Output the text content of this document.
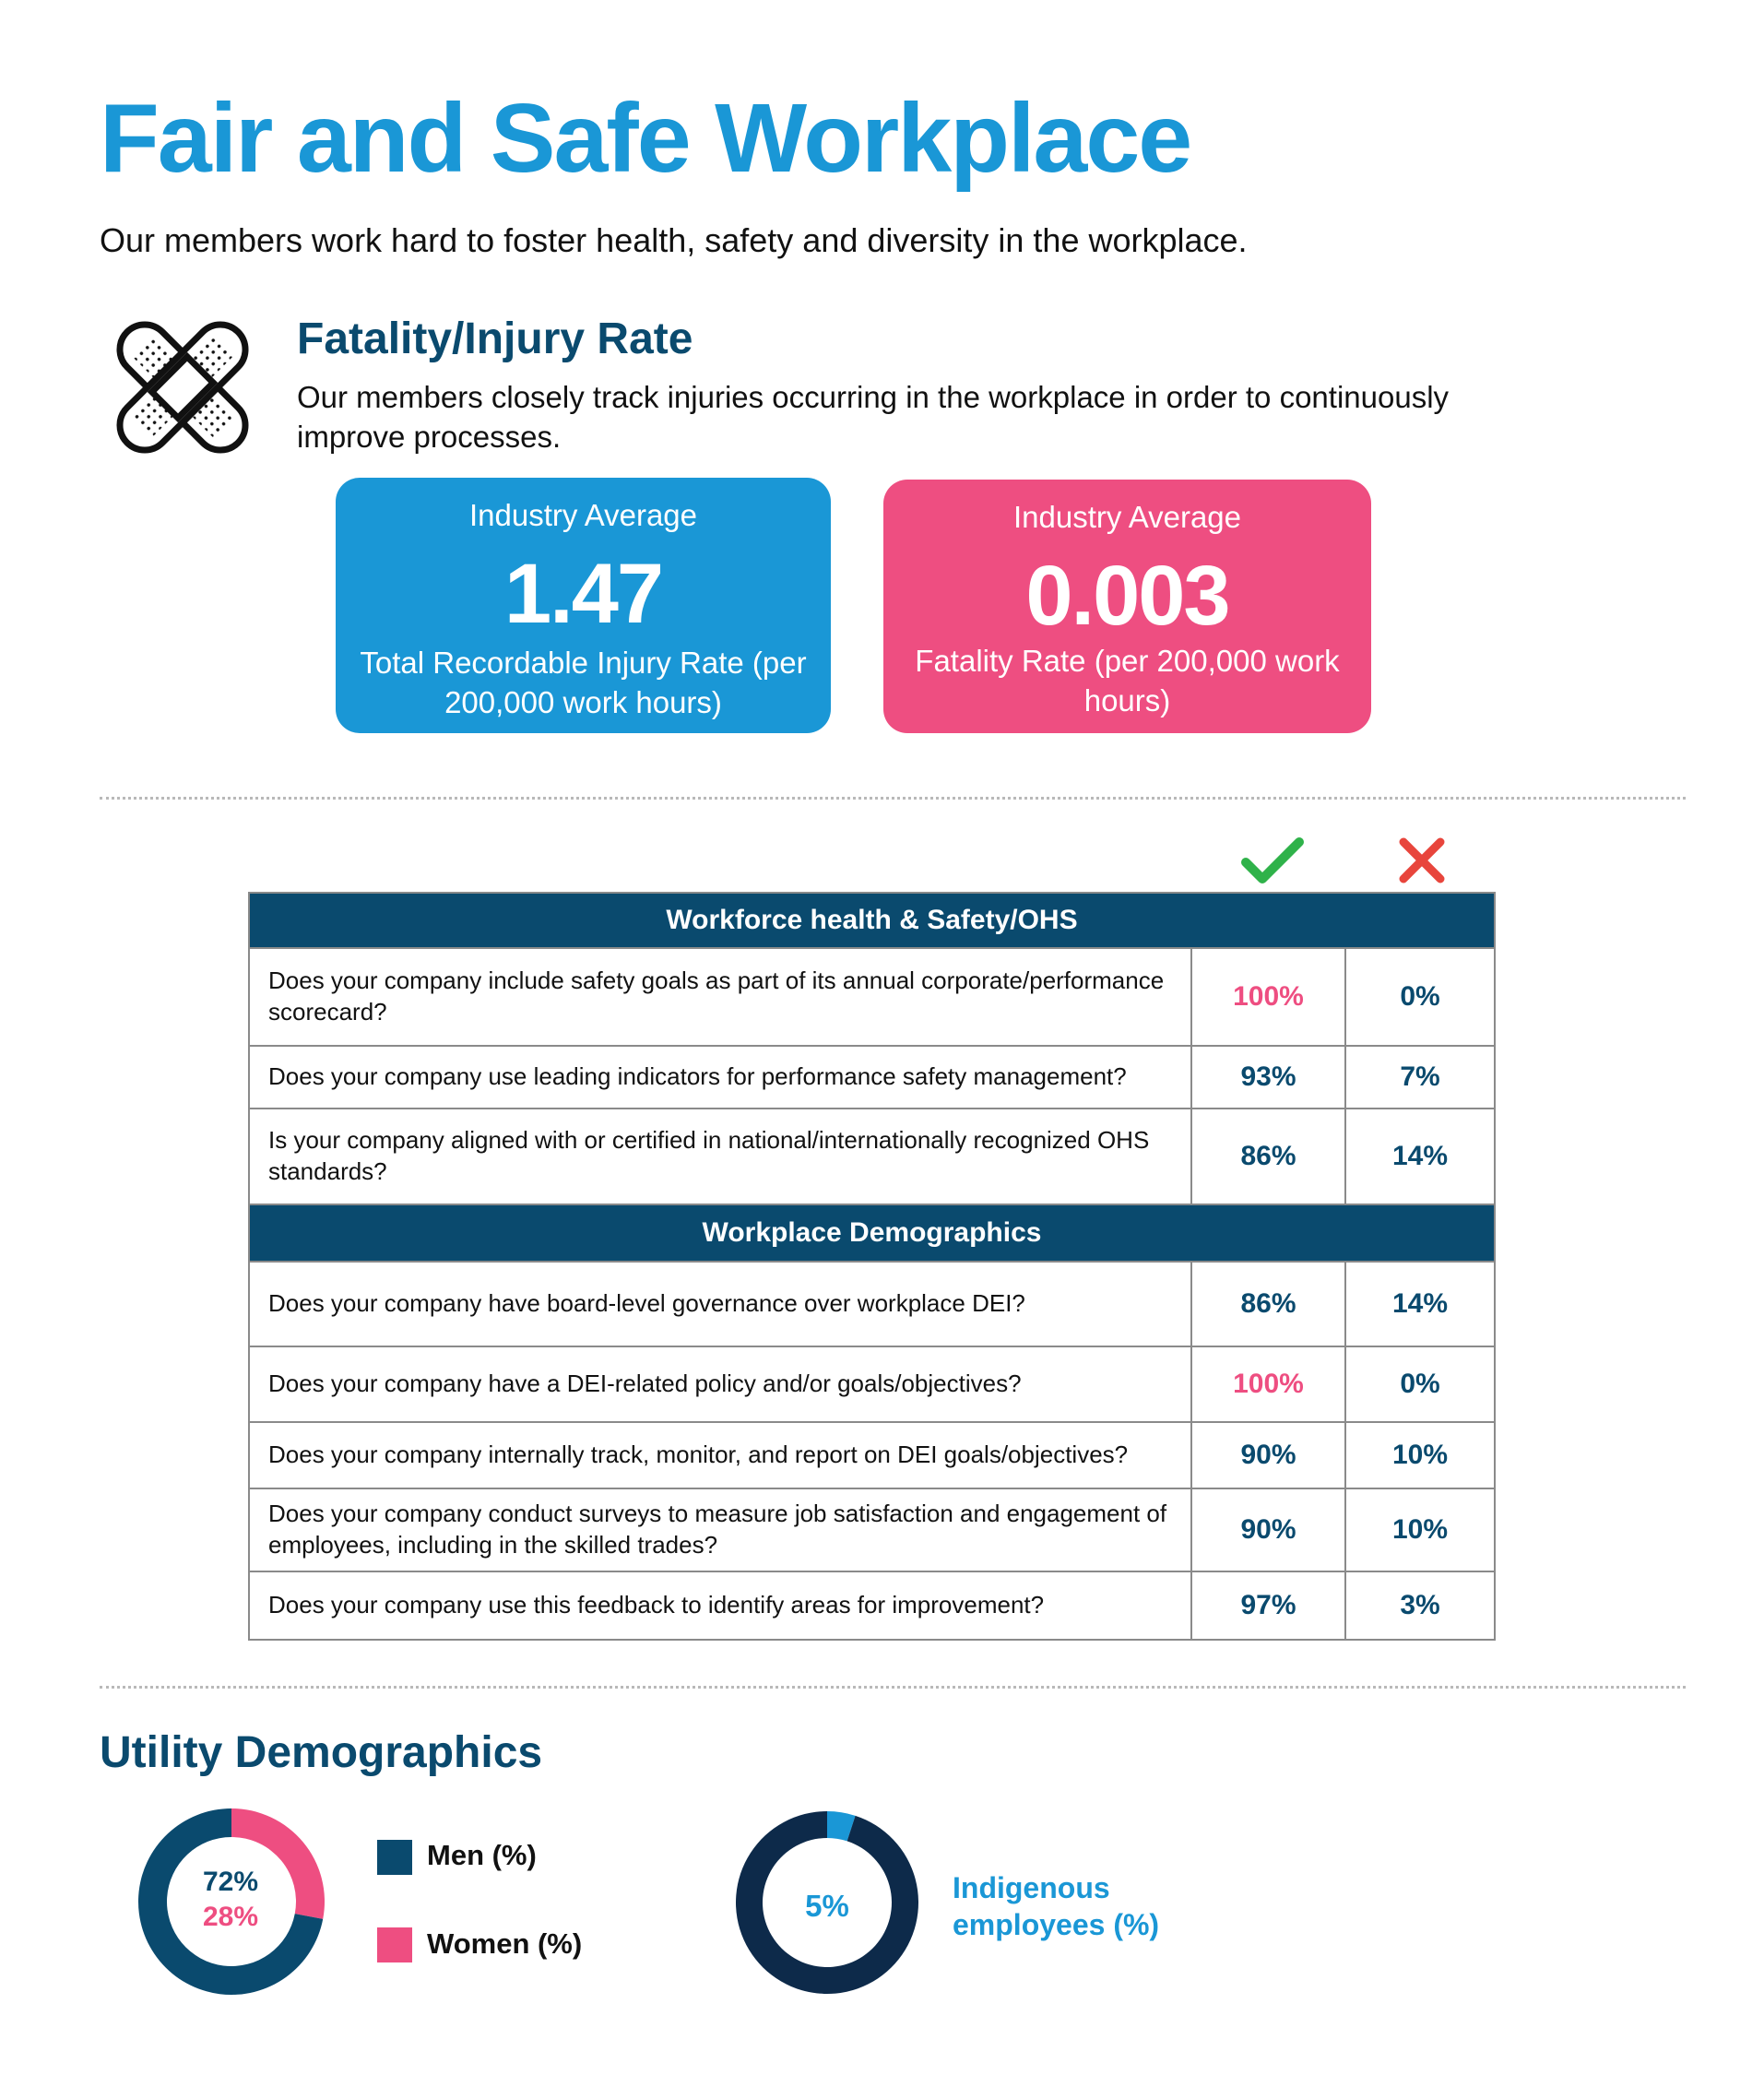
Fair and Safe Workplace
Our members work hard to foster health, safety and diversity in the workplace.
Fatality/Injury Rate
Our members closely track injuries occurring in the workplace in order to continuously improve processes.
Industry Average
1.47
Total Recordable Injury Rate (per 200,000 work hours)
Industry Average
0.003
Fatality Rate (per 200,000 work hours)
Workforce health & Safety/OHS
Does your company include safety goals as part of its annual corporate/performance scorecard?	100%	0%
Does your company use leading indicators for performance safety management?	93%	7%
Is your company aligned with or certified in national/internationally recognized OHS standards?	86%	14%
Workplace Demographics
Does your company have board-level governance over workplace DEI?	86%	14%
Does your company have a DEI-related policy and/or goals/objectives?	100%	0%
Does your company internally track, monitor, and report on DEI goals/objectives?	90%	10%
Does your company conduct surveys to measure job satisfaction and engagement of employees, including in the skilled trades?	90%	10%
Does your company use this feedback to identify areas for improvement?	97%	3%
Utility Demographics
72%
28%
Men (%)
Women (%)
5%
Indigenous employees (%)
